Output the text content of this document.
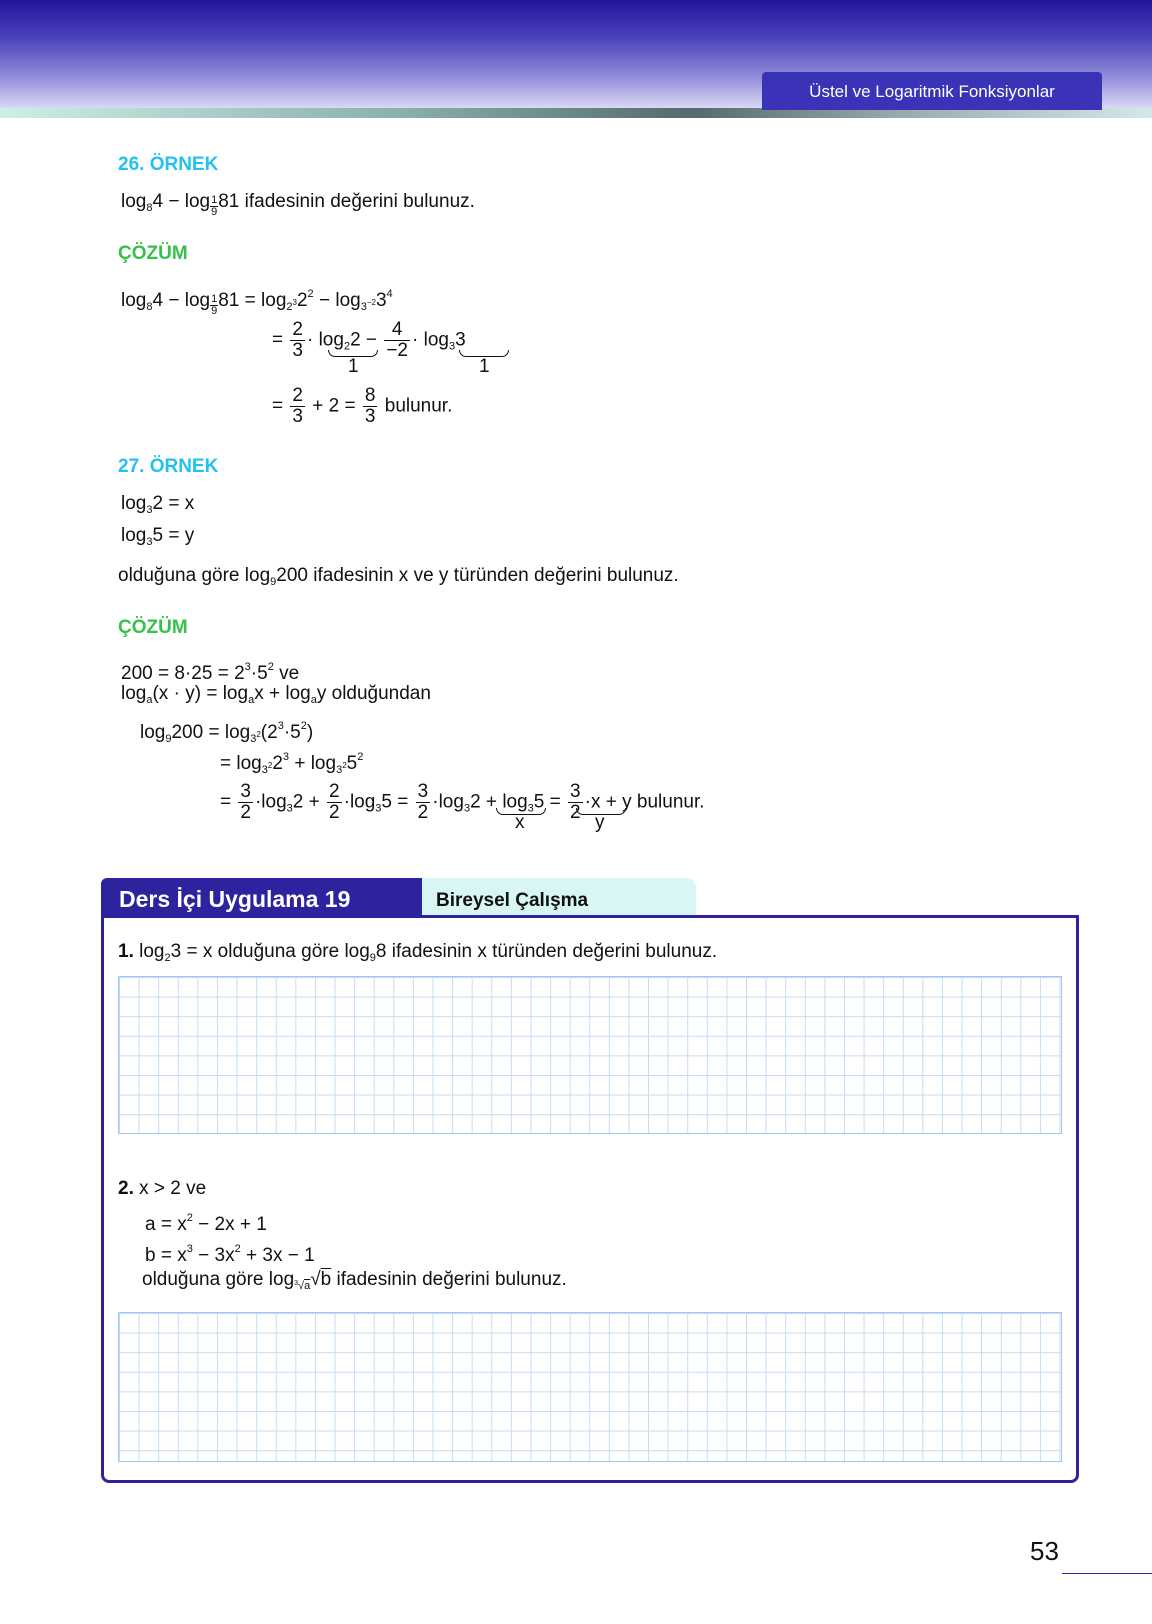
Üstel ve Logaritmik Fonksiyonlar
26. ÖRNEK
$\log_84 - \log \frac{1}{9}81$ ifadesinin değerini bulunuz.
ÇÖZÜM
$\log_84 - \log \frac{1}{9}81 = \log_{2^3}2^2 - \log_{3^{-2}}3^4$
= $\frac{2}{3} \cdot \log_22 - \frac{4}{-2} \cdot \log_33$
1	1
= $\frac{2}{3} + 2 = \frac{8}{3}$ bulunur.
27. ÖRNEK
$\log_32 = x$
$\log_35 = y$
olduğuna göre $\log_9200$ ifadesinin x ve y türünden değerini bulunuz.
ÇÖZÜM
$200 = 8\cdot 25 = 2^3\cdot 5^2$ ve
$\log_a(x \cdot y) = \log_ax + \log_ay$ olduğundan
$\log_9200 = \log_{3^2}(2^3\cdot 5^2)$
= $\log_{3^2}2^3 + \log_{3^2}5^2$
= $\frac{3}{2} \cdot\log_32 + \frac{2}{2} \cdot\log_35 = \frac{3}{2} \cdot\log_32 + \log_35 = \frac{3}{2} \cdot x + y$ bulunur.
x	y
Ders İçi Uygulama 19	Bireysel Çalışma
1. $\log_23 = x$ olduğuna göre $\log_98$ ifadesinin x türünden değerini bulunuz.
2. x > 2 ve
$a = x^2 - 2x + 1$
$b = x^3 - 3x^2 + 3x - 1$
olduğuna göre $\log_{^3√a}√b$ ifadesinin değerini bulunuz.
53
